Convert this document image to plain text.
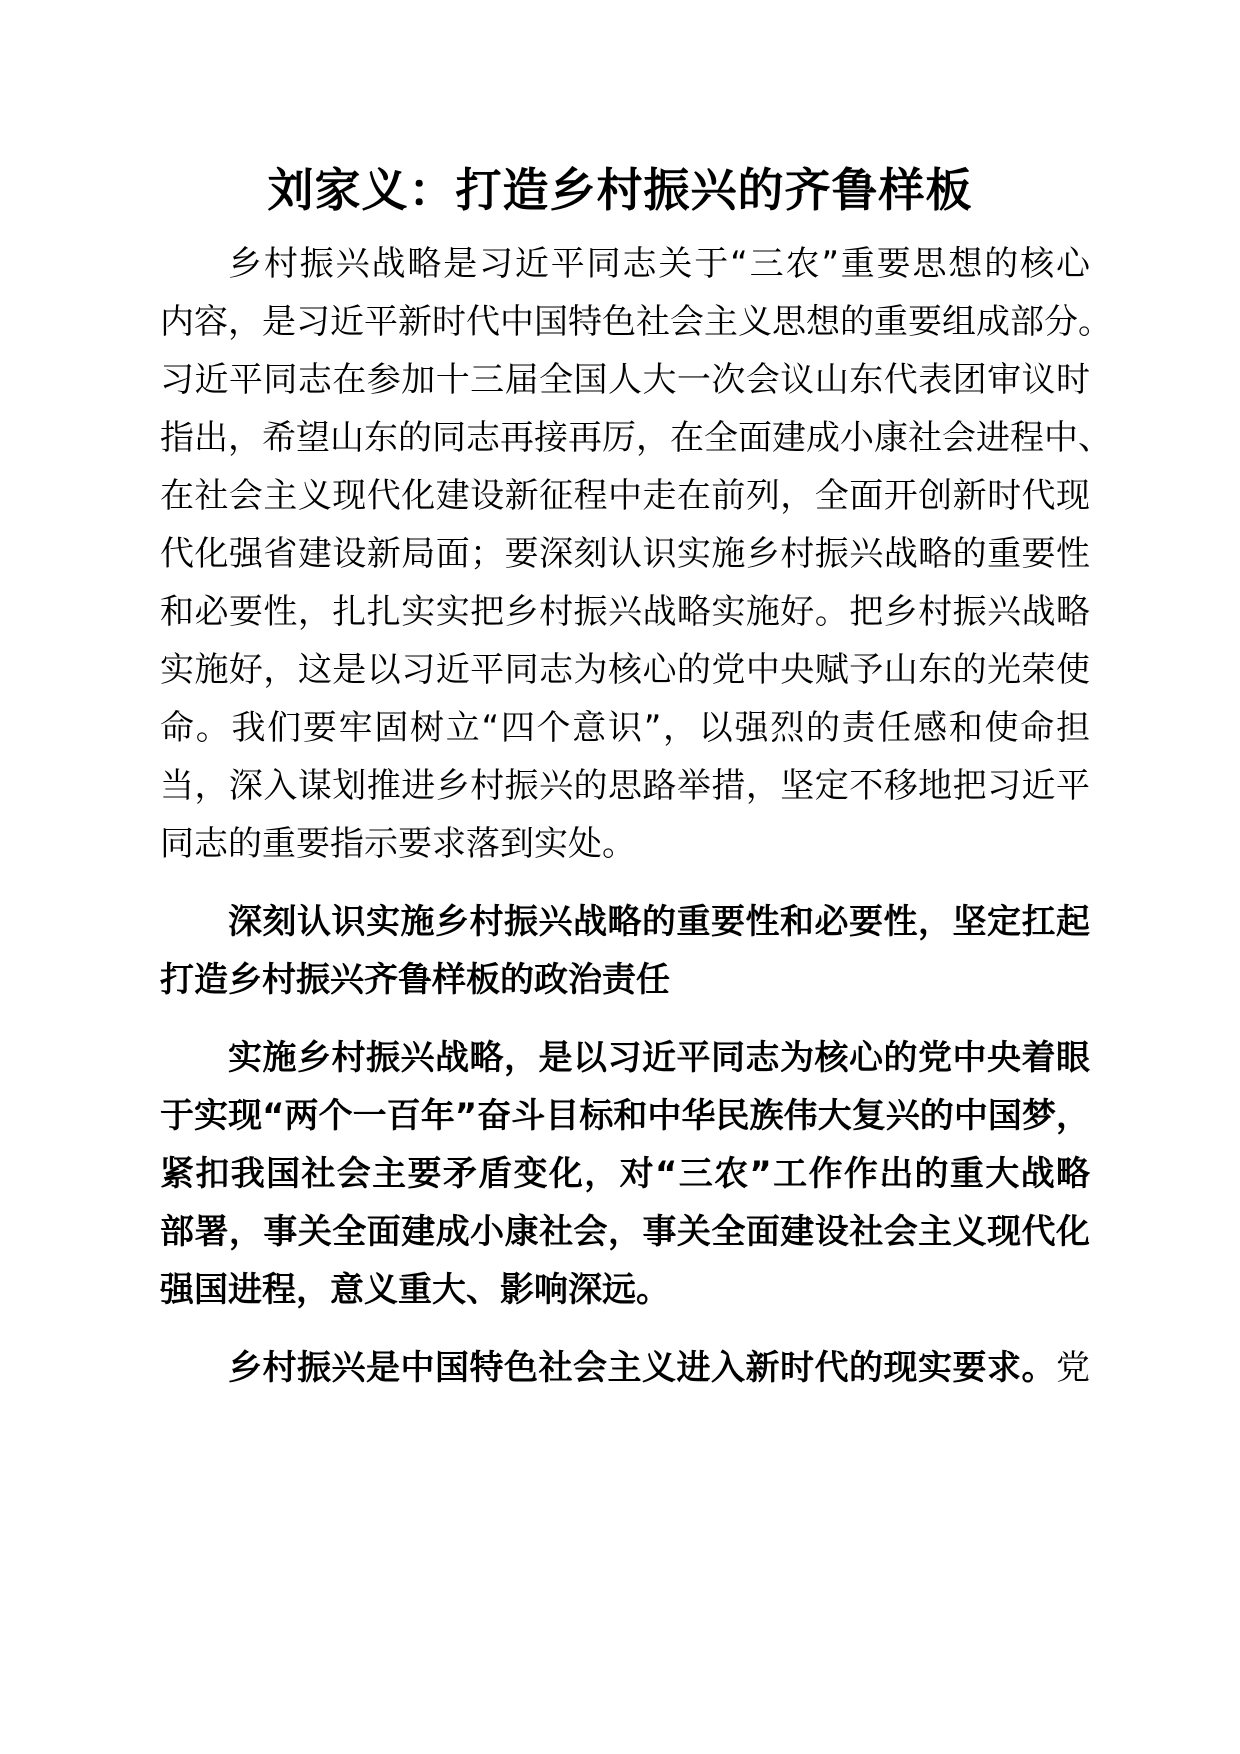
刘家义：打造乡村振兴的齐鲁样板
乡村振兴战略是习近平同志关于“三农”重要思想的核心
内容，是习近平新时代中国特色社会主义思想的重要组成部分。
习近平同志在参加十三届全国人大一次会议山东代表团审议时
指出，希望山东的同志再接再厉，在全面建成小康社会进程中、
在社会主义现代化建设新征程中走在前列，全面开创新时代现
代化强省建设新局面；要深刻认识实施乡村振兴战略的重要性
和必要性，扎扎实实把乡村振兴战略实施好。把乡村振兴战略
实施好，这是以习近平同志为核心的党中央赋予山东的光荣使
命。我们要牢固树立“四个意识”，以强烈的责任感和使命担
当，深入谋划推进乡村振兴的思路举措，坚定不移地把习近平
同志的重要指示要求落到实处。
深刻认识实施乡村振兴战略的重要性和必要性，坚定扛起
打造乡村振兴齐鲁样板的政治责任
实施乡村振兴战略，是以习近平同志为核心的党中央着眼
于实现“两个一百年”奋斗目标和中华民族伟大复兴的中国梦，
紧扣我国社会主要矛盾变化，对“三农”工作作出的重大战略
部署，事关全面建成小康社会，事关全面建设社会主义现代化
强国进程，意义重大、影响深远。
乡村振兴是中国特色社会主义进入新时代的现实要求。党
